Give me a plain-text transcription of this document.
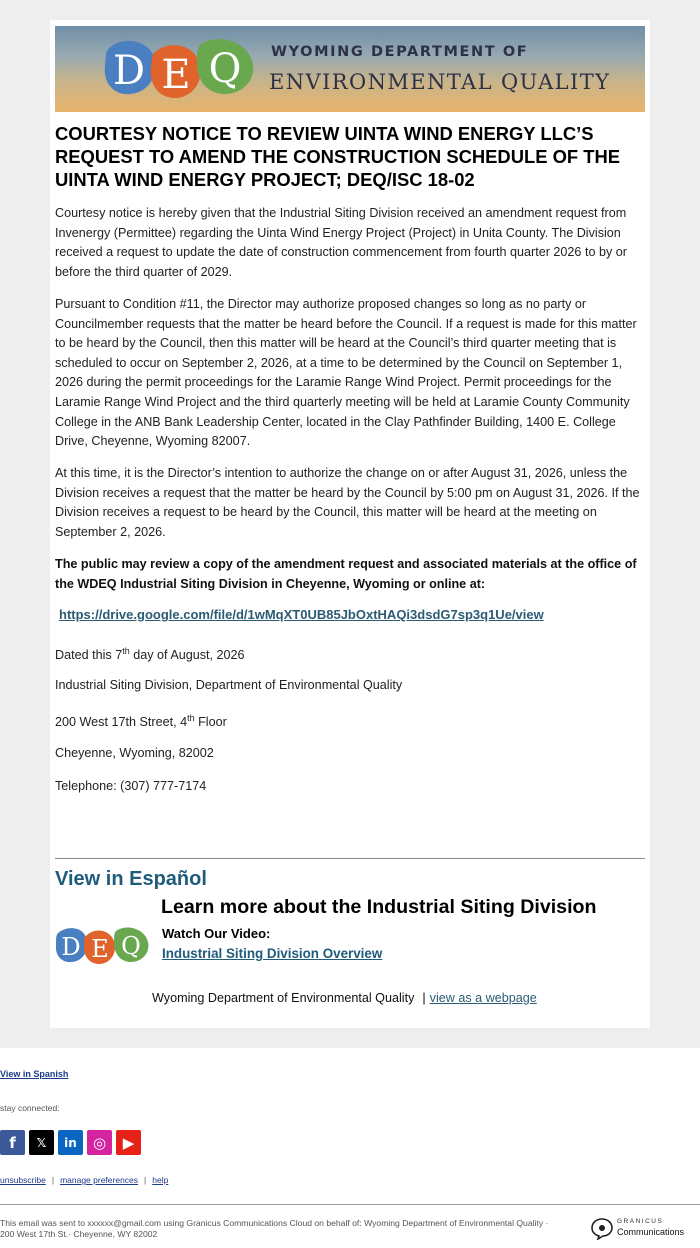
D E Q WYOMING DEPARTMENT OF
ENVIRONMENTAL QUALITY
COURTESY NOTICE TO REVIEW UINTA WIND ENERGY LLC’S REQUEST TO AMEND THE CONSTRUCTION SCHEDULE OF THE UINTA WIND ENERGY PROJECT; DEQ/ISC 18-02

Courtesy notice is hereby given that the Industrial Siting Division received an amendment request from Invenergy (Permittee) regarding the Uinta Wind Energy Project (Project) in Unita County. The Division received a request to update the date of construction commencement from fourth quarter 2026 to by or before the third quarter of 2029.

Pursuant to Condition #11, the Director may authorize proposed changes so long as no party or Councilmember requests that the matter be heard before the Council. If a request is made for this matter to be heard by the Council, then this matter will be heard at the Council’s third quarter meeting that is scheduled to occur on September 2, 2026, at a time to be determined by the Council on September 1, 2026 during the permit proceedings for the Laramie Range Wind Project. Permit proceedings for the Laramie Range Wind Project and the third quarterly meeting will be held at Laramie County Community College in the ANB Bank Leadership Center, located in the Clay Pathfinder Building, 1400 E. College Drive, Cheyenne, Wyoming 82007.

At this time, it is the Director’s intention to authorize the change on or after August 31, 2026, unless the Division receives a request that the matter be heard by the Council by 5:00 pm on August 31, 2026. If the Division receives a request to be heard by the Council, this matter will be heard at the meeting on September 2, 2026.

The public may review a copy of the amendment request and associated materials at the office of the WDEQ Industrial Siting Division in Cheyenne, Wyoming or online at:

https://drive.google.com/file/d/1wMqXT0UB85JbOxtHAQi3dsdG7sp3q1Ue/view
Dated this 7th day of August, 2026
Industrial Siting Division, Department of Environmental Quality
200 West 17th Street, 4th Floor
Cheyenne, Wyoming, 82002
Telephone: (307) 777-7174
View in Español
Learn more about the Industrial Siting Division
D E Q Watch Our Video:
Industrial Siting Division Overview
Wyoming Department of Environmental Quality | view as a webpage
View in Spanish
stay connected:
f	𝕏	in	◎	▶
unsubscribe | manage preferences | help
This email was sent to xxxxxx@gmail.com using Granicus Communications Cloud on behalf of: Wyoming Department of Environmental Quality · 200 West 17th St.· Cheyenne, WY 82002
GRANICUS
Communications
